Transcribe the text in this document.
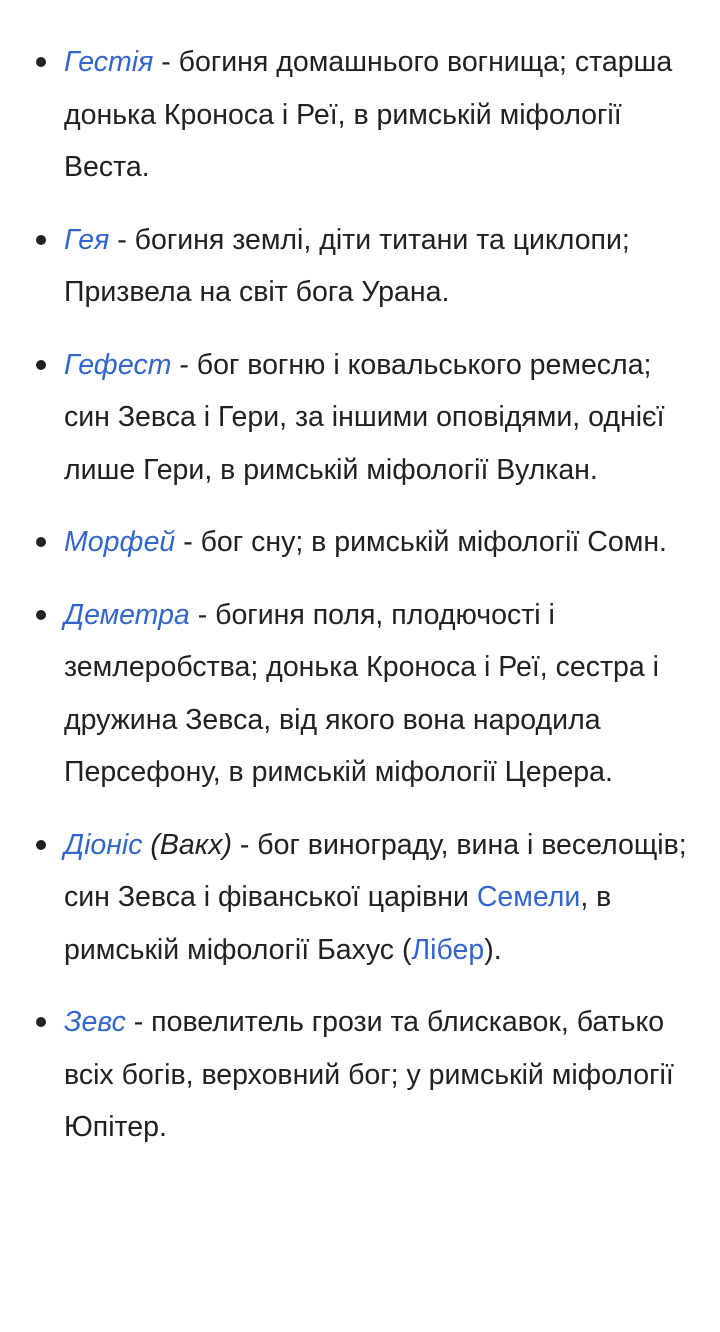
Гестія - богиня домашнього вогнища; старша донька Кроноса і Реї, в римській міфології Веста.
Гея - богиня землі, діти титани та циклопи; Призвела на світ бога Урана.
Гефест - бог вогню і ковальського ремесла; син Зевса і Гери, за іншими оповідями, однієї лише Гери, в римській міфології Вулкан.
Морфей - бог сну; в римській міфології Сомн.
Деметра - богиня поля, плодючості і землеробства; донька Кроноса і Реї, сестра і дружина Зевса, від якого вона народила Персефону, в римській міфології Церера.
Діоніс (Вакх) - бог винограду, вина і веселощів; син Зевса і фіванської царівни Семели, в римській міфології Бахус (Лібер).
Зевс - повелитель грози та блискавок, батько всіх богів, верховний бог; у римській міфології Юпітер.
